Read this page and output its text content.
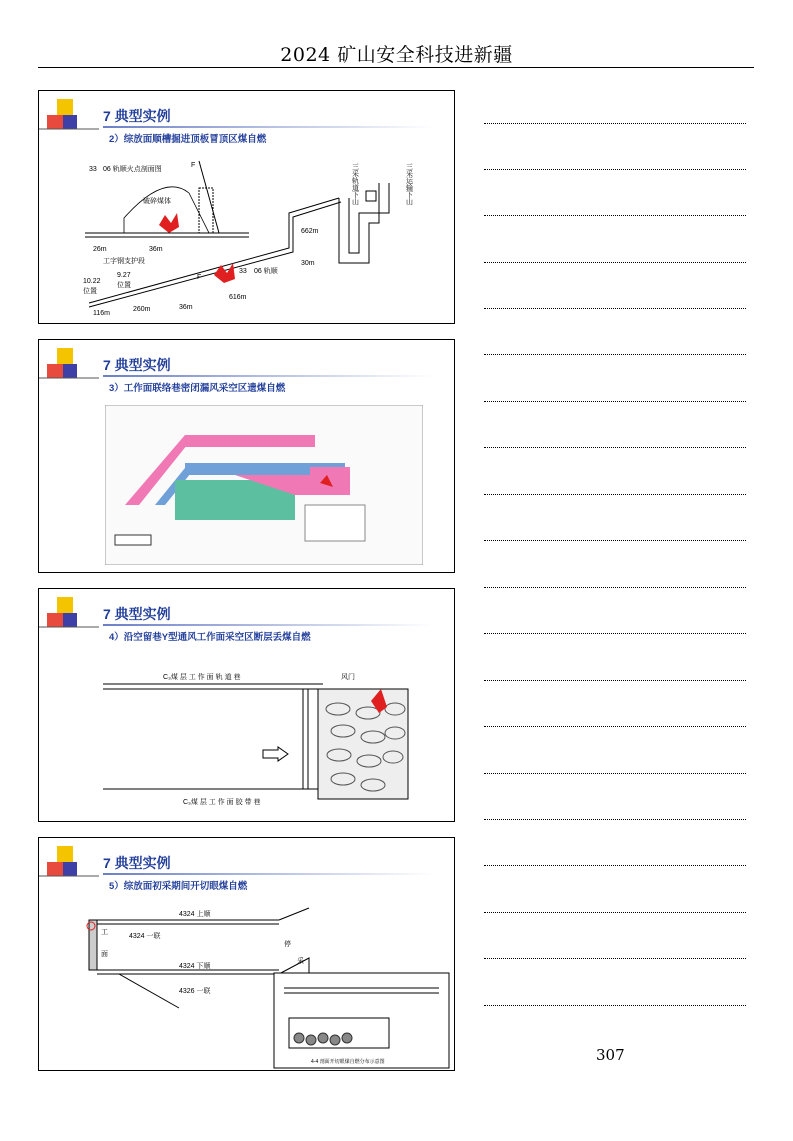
2024 矿山安全科技进新疆
7 典型实例
2）综放面顺槽掘进顶板冒顶区煤自燃
33 06 轨顺火点剖面图
F
破碎煤体
26m	36m
工字钢支护段
662m
30m
33 06 轨顺
10.22
位置
9.27
位置
F
616m
116m
260m	36m
三采轨道下山	三采运输下山
7 典型实例
3）工作面联络巷密闭漏风采空区遗煤自燃
7 典型实例
4）沿空留巷Y型通风工作面采空区断层丢煤自燃
C₃煤 层 工 作 面 轨 道 巷
C₃煤 层 工 作 面 胶 带 巷
风门
7 典型实例
5）综放面初采期间开切眼煤自燃
工
面
4324 上顺
4324 一联
4324 下顺
4326 一联
停
采
4-4 剖面开切眼煤自燃分布示意图	307
